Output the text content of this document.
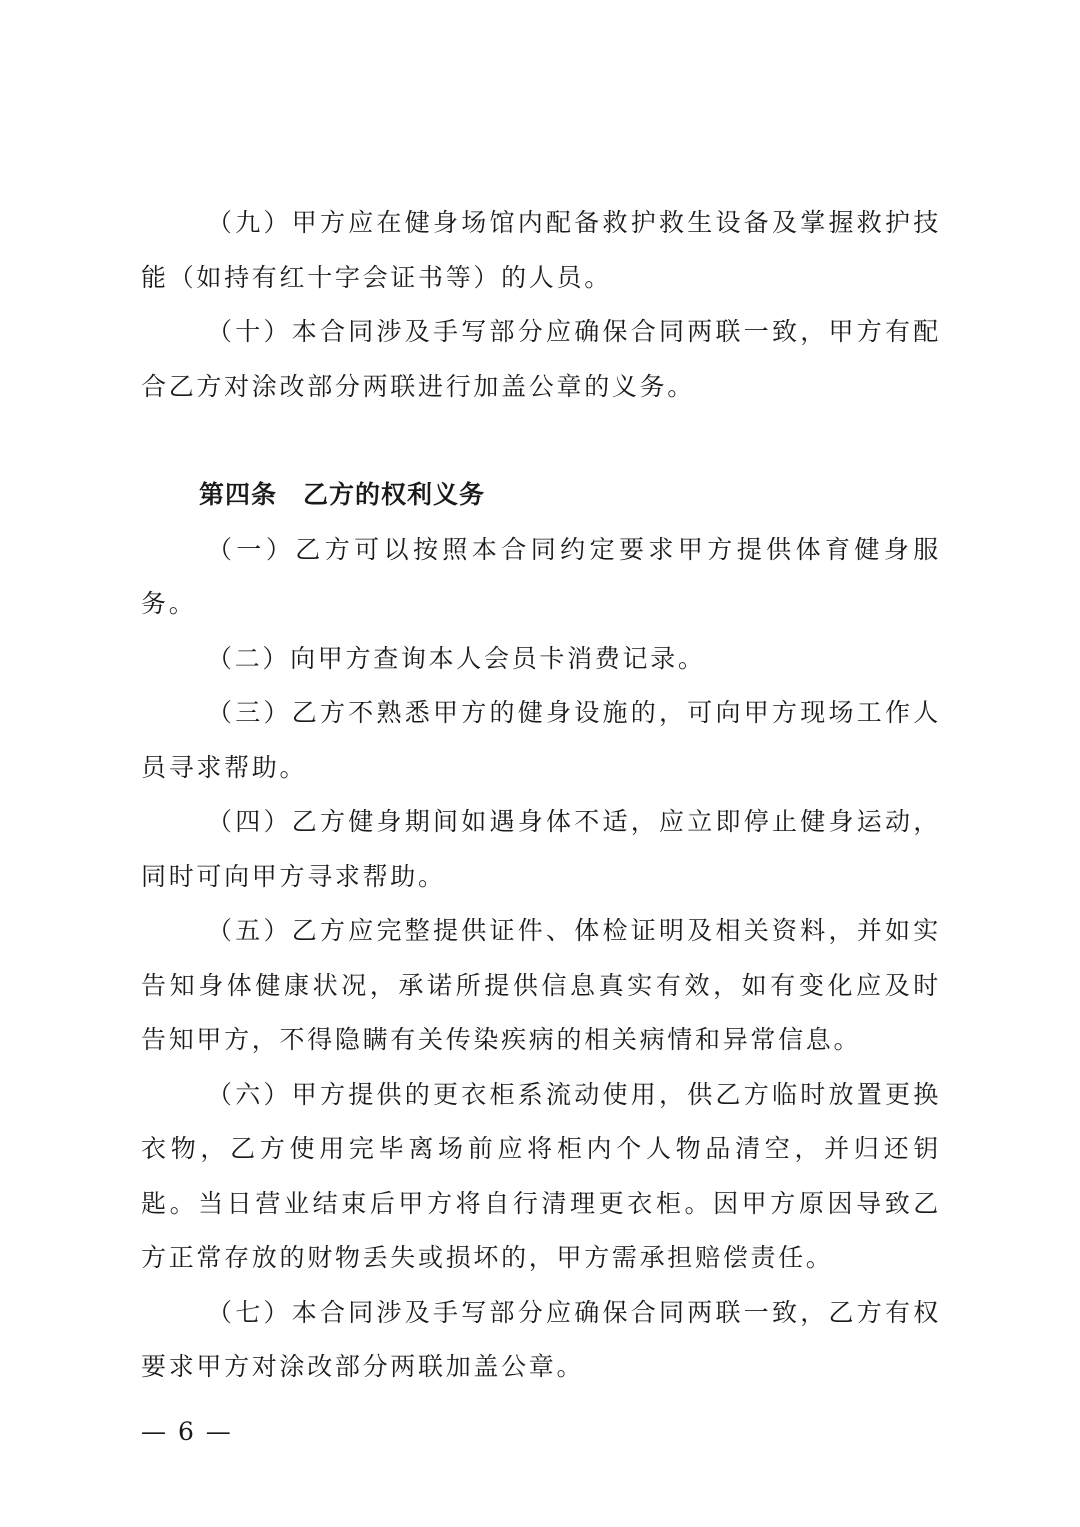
（九）甲方应在健身场馆内配备救护救生设备及掌握救护技能（如持有红十字会证书等）的人员。

（十）本合同涉及手写部分应确保合同两联一致，甲方有配合乙方对涂改部分两联进行加盖公章的义务。

第四条 乙方的权利义务

（一）乙方可以按照本合同约定要求甲方提供体育健身服务。

（二）向甲方查询本人会员卡消费记录。

（三）乙方不熟悉甲方的健身设施的，可向甲方现场工作人员寻求帮助。

（四）乙方健身期间如遇身体不适，应立即停止健身运动，同时可向甲方寻求帮助。

（五）乙方应完整提供证件、体检证明及相关资料，并如实告知身体健康状况，承诺所提供信息真实有效，如有变化应及时告知甲方，不得隐瞒有关传染疾病的相关病情和异常信息。

（六）甲方提供的更衣柜系流动使用，供乙方临时放置更换衣物，乙方使用完毕离场前应将柜内个人物品清空，并归还钥匙。当日营业结束后甲方将自行清理更衣柜。因甲方原因导致乙方正常存放的财物丢失或损坏的，甲方需承担赔偿责任。

（七）本合同涉及手写部分应确保合同两联一致，乙方有权要求甲方对涂改部分两联加盖公章。

— 6 —
